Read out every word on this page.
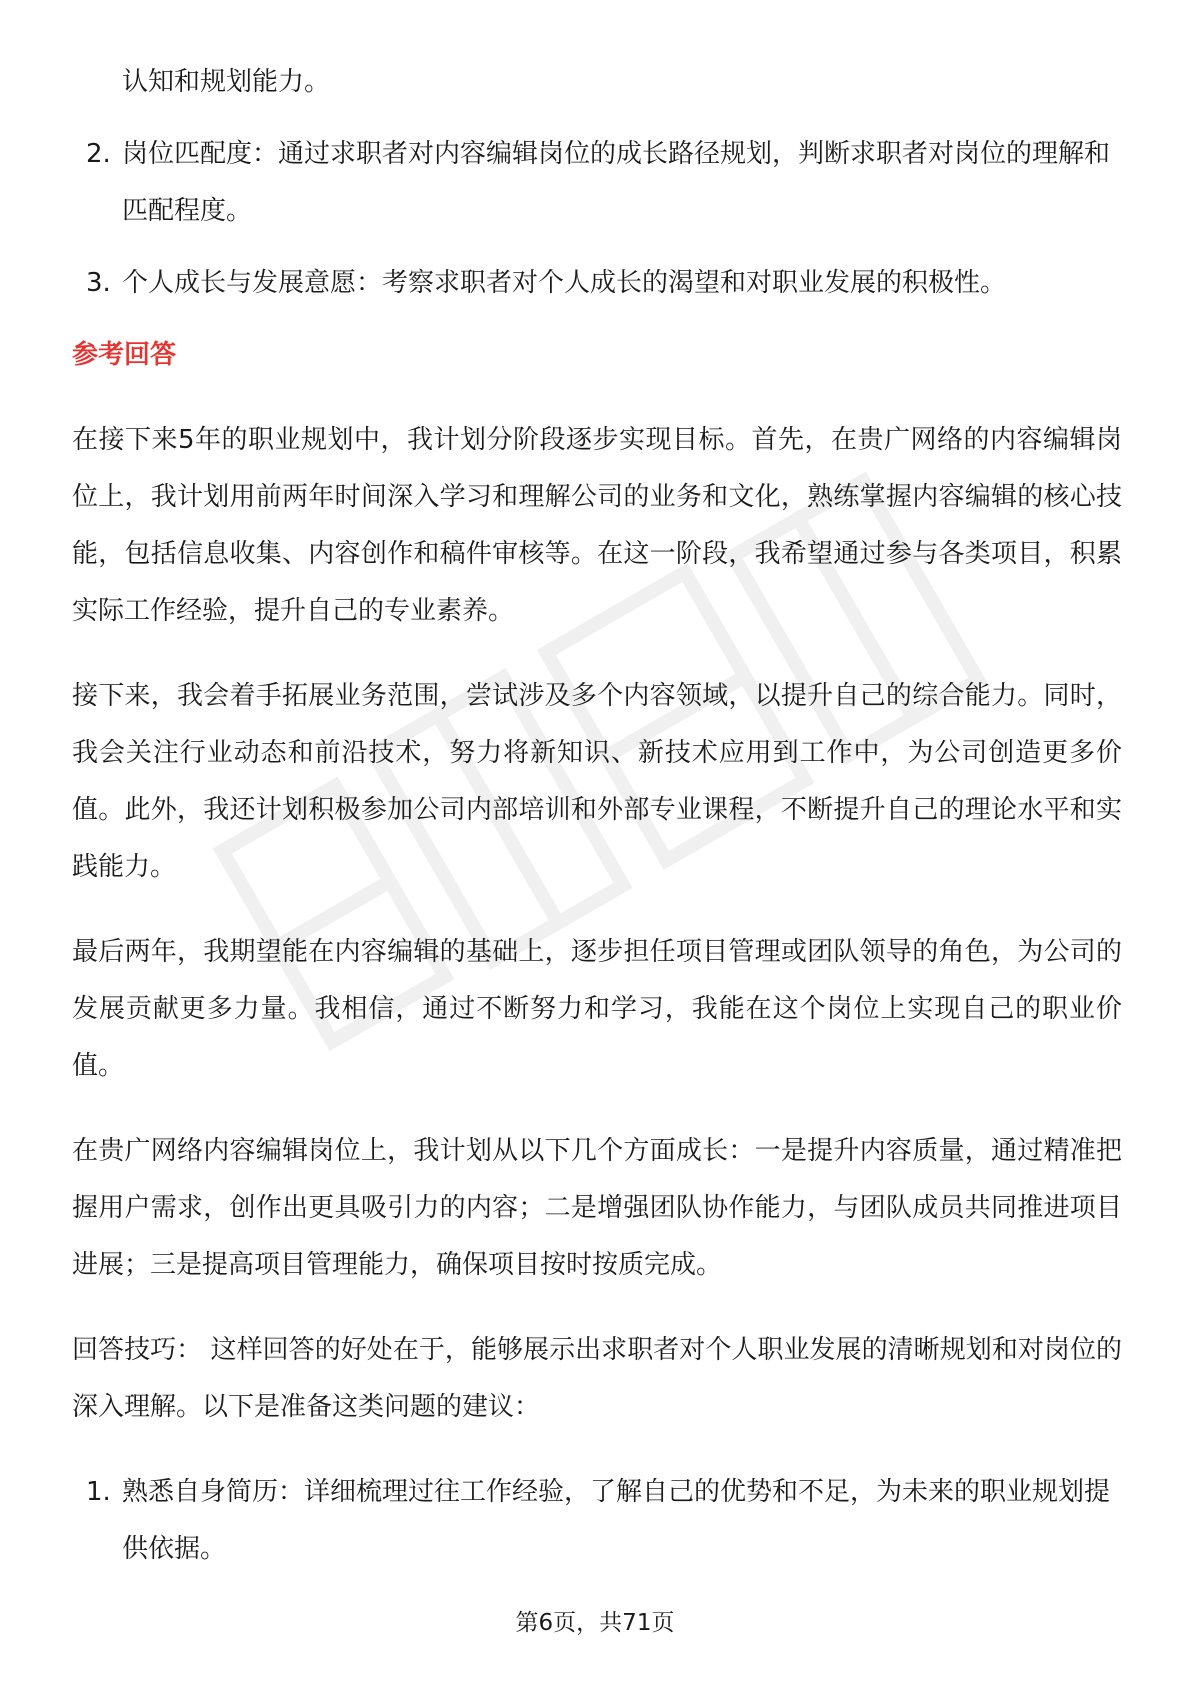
认知和规划能力。
2. 岗位匹配度：通过求职者对内容编辑岗位的成长路径规划，判断求职者对岗位的理解和匹配程度。
3. 个人成长与发展意愿：考察求职者对个人成长的渴望和对职业发展的积极性。
参考回答

在接下来5年的职业规划中，我计划分阶段逐步实现目标。首先，在贵广网络的内容编辑岗位上，我计划用前两年时间深入学习和理解公司的业务和文化，熟练掌握内容编辑的核心技能，包括信息收集、内容创作和稿件审核等。在这一阶段，我希望通过参与各类项目，积累实际工作经验，提升自己的专业素养。

接下来，我会着手拓展业务范围，尝试涉及多个内容领域，以提升自己的综合能力。同时，我会关注行业动态和前沿技术，努力将新知识、新技术应用到工作中，为公司创造更多价值。此外，我还计划积极参加公司内部培训和外部专业课程，不断提升自己的理论水平和实践能力。

最后两年，我期望能在内容编辑的基础上，逐步担任项目管理或团队领导的角色，为公司的发展贡献更多力量。我相信，通过不断努力和学习，我能在这个岗位上实现自己的职业价值。

在贵广网络内容编辑岗位上，我计划从以下几个方面成长：一是提升内容质量，通过精准把握用户需求，创作出更具吸引力的内容；二是增强团队协作能力，与团队成员共同推进项目进展；三是提高项目管理能力，确保项目按时按质完成。

回答技巧： 这样回答的好处在于，能够展示出求职者对个人职业发展的清晰规划和对岗位的深入理解。以下是准备这类问题的建议：

1. 熟悉自身简历：详细梳理过往工作经验，了解自己的优势和不足，为未来的职业规划提供依据。
第6页，共71页
